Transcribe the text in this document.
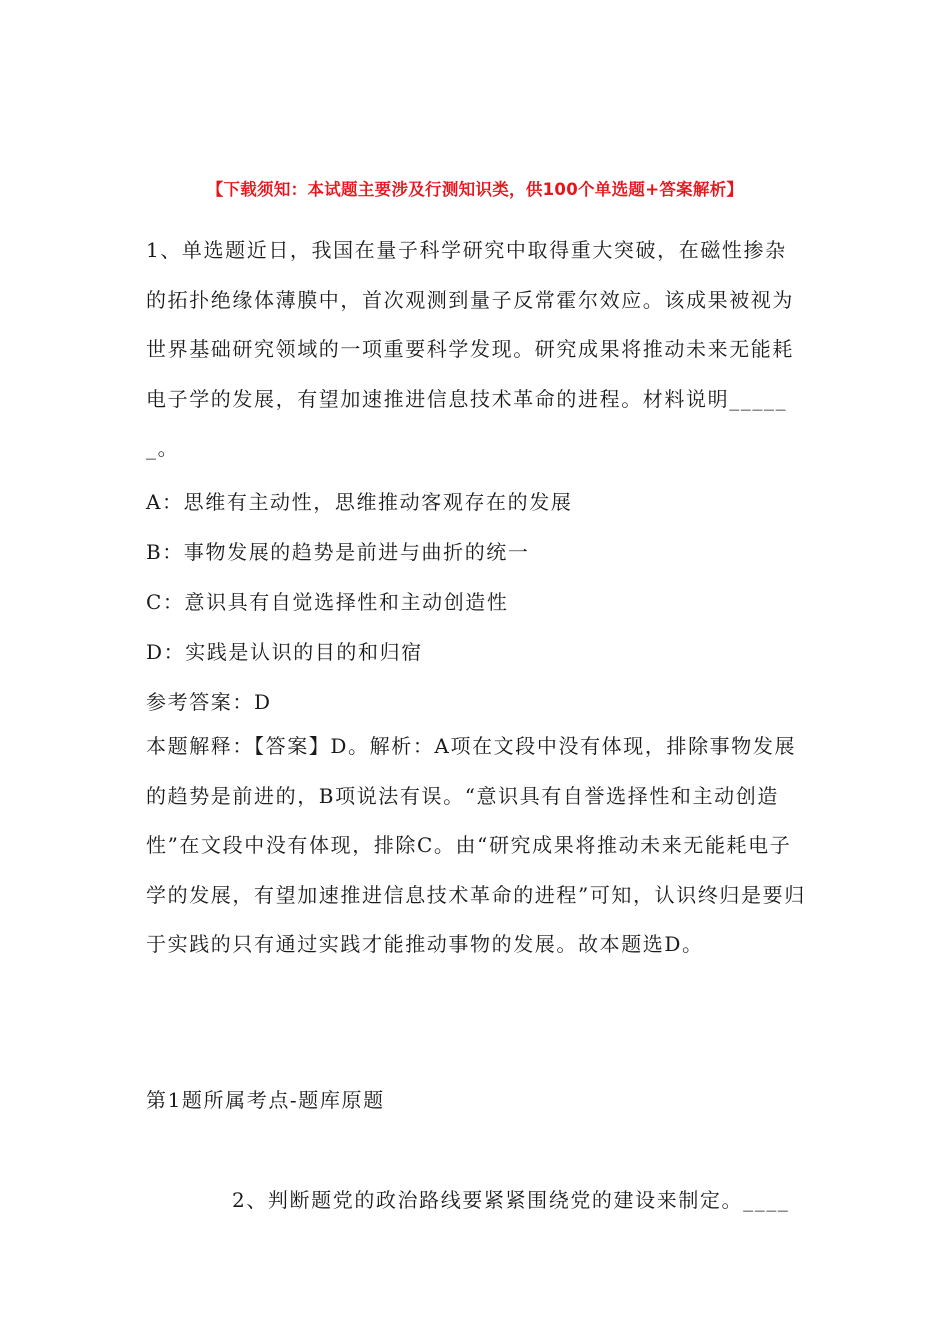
【下载须知：本试题主要涉及行测知识类，供100个单选题+答案解析】
1、单选题近日，我国在量子科学研究中取得重大突破，在磁性掺杂的拓扑绝缘体薄膜中，首次观测到量子反常霍尔效应。该成果被视为世界基础研究领域的一项重要科学发现。研究成果将推动未来无能耗电子学的发展，有望加速推进信息技术革命的进程。材料说明______。
A：思维有主动性，思维推动客观存在的发展
B：事物发展的趋势是前进与曲折的统一
C：意识具有自觉选择性和主动创造性
D：实践是认识的目的和归宿
参考答案：D
本题解释：【答案】D。解析：A项在文段中没有体现，排除事物发展的趋势是前进的，B项说法有误。“意识具有自誉选择性和主动创造性”在文段中没有体现，排除C。由“研究成果将推动未来无能耗电子学的发展，有望加速推进信息技术革命的进程”可知，认识终归是要归于实践的只有通过实践才能推动事物的发展。故本题选D。
第1题所属考点-题库原题
2、判断题党的政治路线要紧紧围绕党的建设来制定。____
